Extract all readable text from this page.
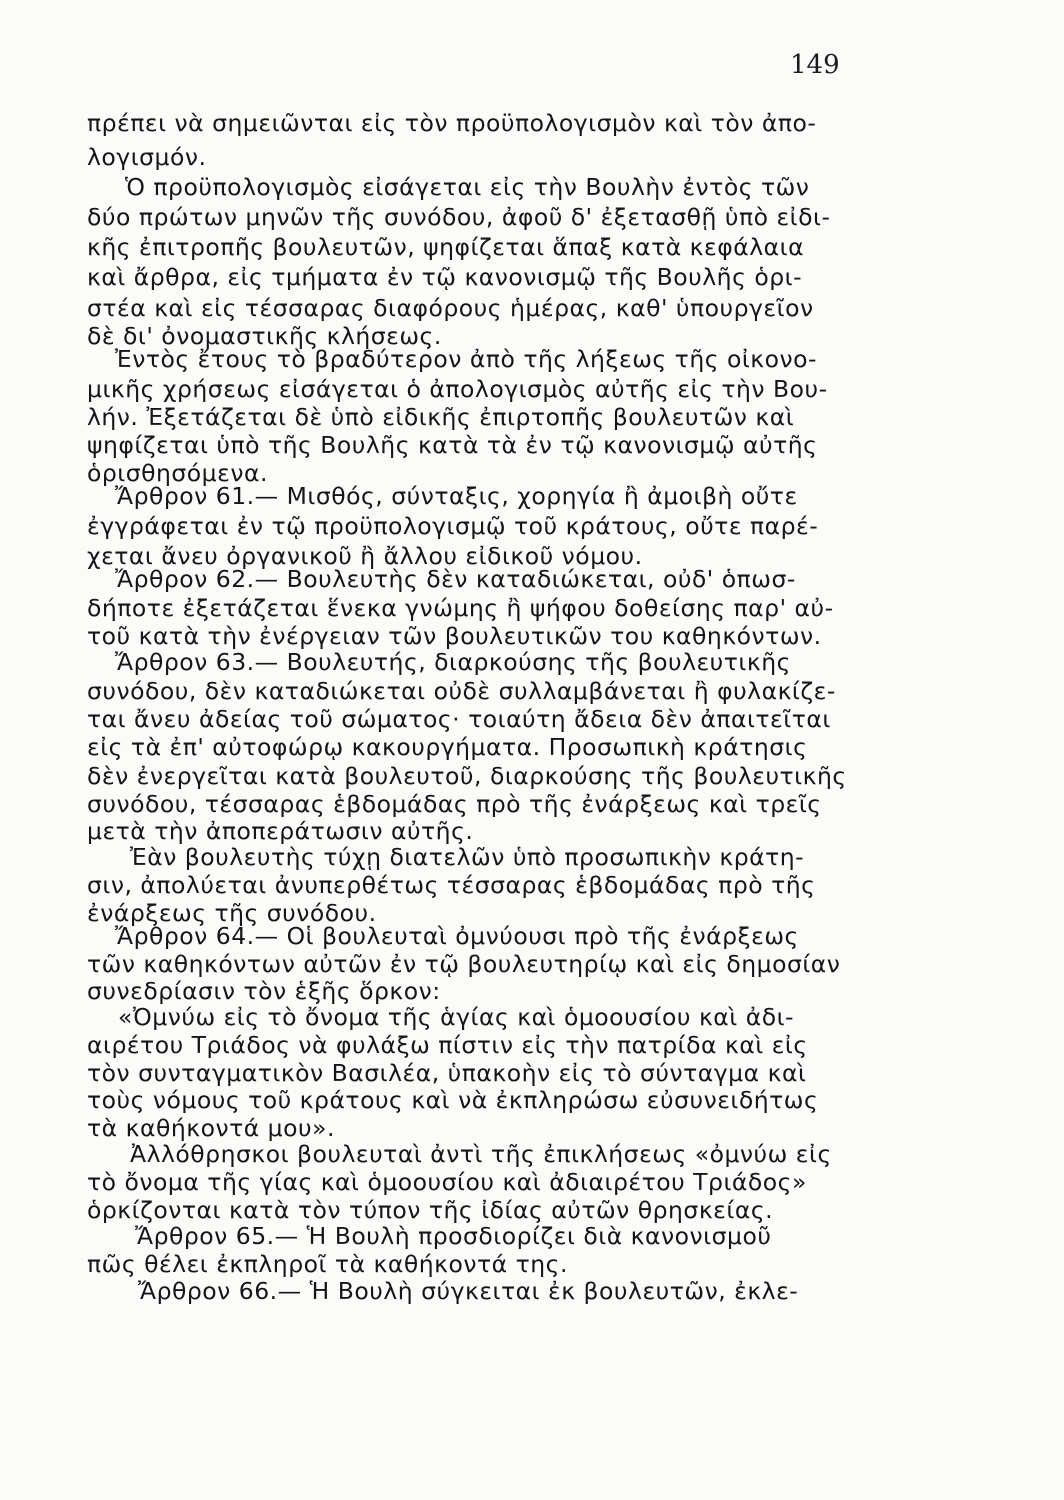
149
πρέπει νὰ σημειῶνται εἰς τὸν προϋπολογισμὸν καὶ τὸν ἀπο-
λογισμόν.
Ὁ προϋπολογισμὸς εἰσάγεται εἰς τὴν Βουλὴν ἐντὸς τῶν
δύο πρώτων μηνῶν τῆς συνόδου, ἀφοῦ δ' ἐξετασθῇ ὑπὸ εἰδι-
κῆς ἐπιτροπῆς βουλευτῶν, ψηφίζεται ἅπαξ κατὰ κεφάλαια
καὶ ἄρθρα, εἰς τμήματα ἐν τῷ κανονισμῷ τῆς Βουλῆς ὁρι-
στέα καὶ εἰς τέσσαρας διαφόρους ἡμέρας, καθ' ὑπουργεῖον
δὲ δι' ὀνομαστικῆς κλήσεως.
Ἐντὸς ἔτους τὸ βραδύτερον ἀπὸ τῆς λήξεως τῆς οἰκονο-
μικῆς χρήσεως εἰσάγεται ὁ ἀπολογισμὸς αὐτῆς εἰς τὴν Βου-
λήν. Ἐξετάζεται δὲ ὑπὸ εἰδικῆς ἐπιρτοπῆς βουλευτῶν καὶ
ψηφίζεται ὑπὸ τῆς Βουλῆς κατὰ τὰ ἐν τῷ κανονισμῷ αὐτῆς
ὁρισθησόμενα.
Ἄρθρον 61.— Μισθός, σύνταξις, χορηγία ἢ ἀμοιβὴ οὔτε
ἐγγράφεται ἐν τῷ προϋπολογισμῷ τοῦ κράτους, οὔτε παρέ-
χεται ἄνευ ὀργανικοῦ ἢ ἄλλου εἰδικοῦ νόμου.
Ἄρθρον 62.— Βουλευτὴς δὲν καταδιώκεται, οὐδ' ὁπωσ-
δήποτε ἐξετάζεται ἕνεκα γνώμης ἢ ψήφου δοθείσης παρ' αὐ-
τοῦ κατὰ τὴν ἐνέργειαν τῶν βουλευτικῶν του καθηκόντων.
Ἄρθρον 63.— Βουλευτής, διαρκούσης τῆς βουλευτικῆς
συνόδου, δὲν καταδιώκεται οὐδὲ συλλαμβάνεται ἢ φυλακίζε-
ται ἄνευ ἀδείας τοῦ σώματος· τοιαύτη ἄδεια δὲν ἀπαιτεῖται
εἰς τὰ ἐπ' αὐτοφώρῳ κακουργήματα. Προσωπικὴ κράτησις
δὲν ἐνεργεῖται κατὰ βουλευτοῦ, διαρκούσης τῆς βουλευτικῆς
συνόδου, τέσσαρας ἑβδομάδας πρὸ τῆς ἐνάρξεως καὶ τρεῖς
μετὰ τὴν ἀποπεράτωσιν αὐτῆς.
Ἐὰν βουλευτὴς τύχῃ διατελῶν ὑπὸ προσωπικὴν κράτη-
σιν, ἀπολύεται ἀνυπερθέτως τέσσαρας ἑβδομάδας πρὸ τῆς
ἐνάρξεως τῆς συνόδου.
Ἄρθρον 64.— Οἱ βουλευταὶ ὀμνύουσι πρὸ τῆς ἐνάρξεως
τῶν καθηκόντων αὐτῶν ἐν τῷ βουλευτηρίῳ καὶ εἰς δημοσίαν
συνεδρίασιν τὸν ἑξῆς ὅρκον:
«Ὀμνύω εἰς τὸ ὄνομα τῆς ἁγίας καὶ ὁμοουσίου καὶ ἀδι-
αιρέτου Τριάδος νὰ φυλάξω πίστιν εἰς τὴν πατρίδα καὶ εἰς
τὸν συνταγματικὸν Βασιλέα, ὑπακοὴν εἰς τὸ σύνταγμα καὶ
τοὺς νόμους τοῦ κράτους καὶ νὰ ἐκπληρώσω εὐσυνειδήτως
τὰ καθήκοντά μου».
Ἀλλόθρησκοι βουλευταὶ ἀντὶ τῆς ἐπικλήσεως «ὀμνύω εἰς
τὸ ὄνομα τῆς γίας καὶ ὁμοουσίου καὶ ἀδιαιρέτου Τριάδος»
ὁρκίζονται κατὰ τὸν τύπον τῆς ἰδίας αὐτῶν θρησκείας.
Ἄρθρον 65.— Ἡ Βουλὴ προσδιορίζει διὰ κανονισμοῦ
πῶς θέλει ἐκπληροῖ τὰ καθήκοντά της.
Ἄρθρον 66.— Ἡ Βουλὴ σύγκειται ἐκ βουλευτῶν, ἐκλε-
